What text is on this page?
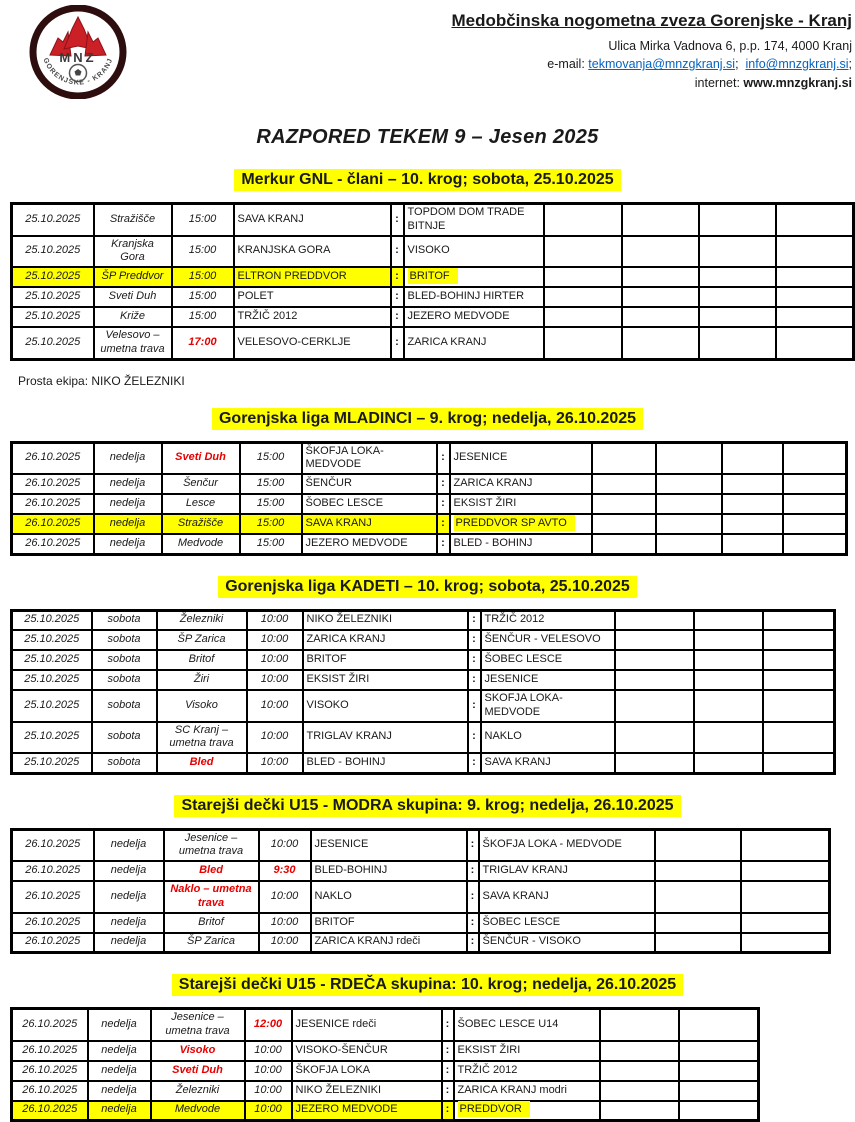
MNZ
GORENJSKE - KRANJ
Medobčinska nogometna zveza Gorenjske - Kranj
Ulica Mirka Vadnova 6, p.p. 174, 4000 Kranj
e-mail: tekmovanja@mnzgkranj.si; info@mnzgkranj.si;
internet: www.mnzgkranj.si
RAZPORED TEKEM 9 – Jesen 2025
Merkur GNL - člani – 10. krog; sobota, 25.10.2025
25.10.2025	Stražišče	15:00	SAVA KRANJ	:	TOPDOM DOM TRADE BITNJE				
25.10.2025	Kranjska Gora	15:00	KRANJSKA GORA	:	VISOKO				
25.10.2025	ŠP Preddvor	15:00	ELTRON PREDDVOR	:	BRITOF				
25.10.2025	Sveti Duh	15:00	POLET	:	BLED-BOHINJ HIRTER				
25.10.2025	Križe	15:00	TRŽIČ 2012	:	JEZERO MEDVODE				
25.10.2025	Velesovo – umetna trava	17:00	VELESOVO-CERKLJE	:	ZARICA KRANJ				
Prosta ekipa: NIKO ŽELEZNIKI
Gorenjska liga MLADINCI – 9. krog; nedelja, 26.10.2025
26.10.2025	nedelja	Sveti Duh	15:00	ŠKOFJA LOKA-MEDVODE	:	JESENICE				
26.10.2025	nedelja	Šenčur	15:00	ŠENČUR	:	ZARICA KRANJ				
26.10.2025	nedelja	Lesce	15:00	ŠOBEC LESCE	:	EKSIST ŽIRI				
26.10.2025	nedelja	Stražišče	15:00	SAVA KRANJ	:	PREDDVOR SP AVTO				
26.10.2025	nedelja	Medvode	15:00	JEZERO MEDVODE	:	BLED - BOHINJ				
Gorenjska liga KADETI – 10. krog; sobota, 25.10.2025
25.10.2025	sobota	Železniki	10:00	NIKO ŽELEZNIKI	:	TRŽIČ 2012			
25.10.2025	sobota	ŠP Zarica	10:00	ZARICA KRANJ	:	ŠENČUR - VELESOVO			
25.10.2025	sobota	Britof	10:00	BRITOF	:	ŠOBEC LESCE			
25.10.2025	sobota	Žiri	10:00	EKSIST ŽIRI	:	JESENICE			
25.10.2025	sobota	Visoko	10:00	VISOKO	:	SKOFJA LOKA-MEDVODE			
25.10.2025	sobota	SC Kranj – umetna trava	10:00	TRIGLAV KRANJ	:	NAKLO			
25.10.2025	sobota	Bled	10:00	BLED - BOHINJ	:	SAVA KRANJ			
Starejši dečki U15 - MODRA skupina: 9. krog; nedelja, 26.10.2025
26.10.2025	nedelja	Jesenice – umetna trava	10:00	JESENICE	:	ŠKOFJA LOKA - MEDVODE		
26.10.2025	nedelja	Bled	9:30	BLED-BOHINJ	:	TRIGLAV KRANJ		
26.10.2025	nedelja	Naklo – umetna trava	10:00	NAKLO	:	SAVA KRANJ		
26.10.2025	nedelja	Britof	10:00	BRITOF	:	ŠOBEC LESCE		
26.10.2025	nedelja	ŠP Zarica	10:00	ZARICA KRANJ rdeči	:	ŠENČUR - VISOKO		
Starejši dečki U15 - RDEČA skupina: 10. krog; nedelja, 26.10.2025
26.10.2025	nedelja	Jesenice – umetna trava	12:00	JESENICE rdeči	:	ŠOBEC LESCE U14		
26.10.2025	nedelja	Visoko	10:00	VISOKO-ŠENČUR	:	EKSIST ŽIRI		
26.10.2025	nedelja	Sveti Duh	10:00	ŠKOFJA LOKA	:	TRŽIČ 2012		
26.10.2025	nedelja	Železniki	10:00	NIKO ŽELEZNIKI	:	ZARICA KRANJ modri		
26.10.2025	nedelja	Medvode	10:00	JEZERO MEDVODE	:	PREDDVOR		
